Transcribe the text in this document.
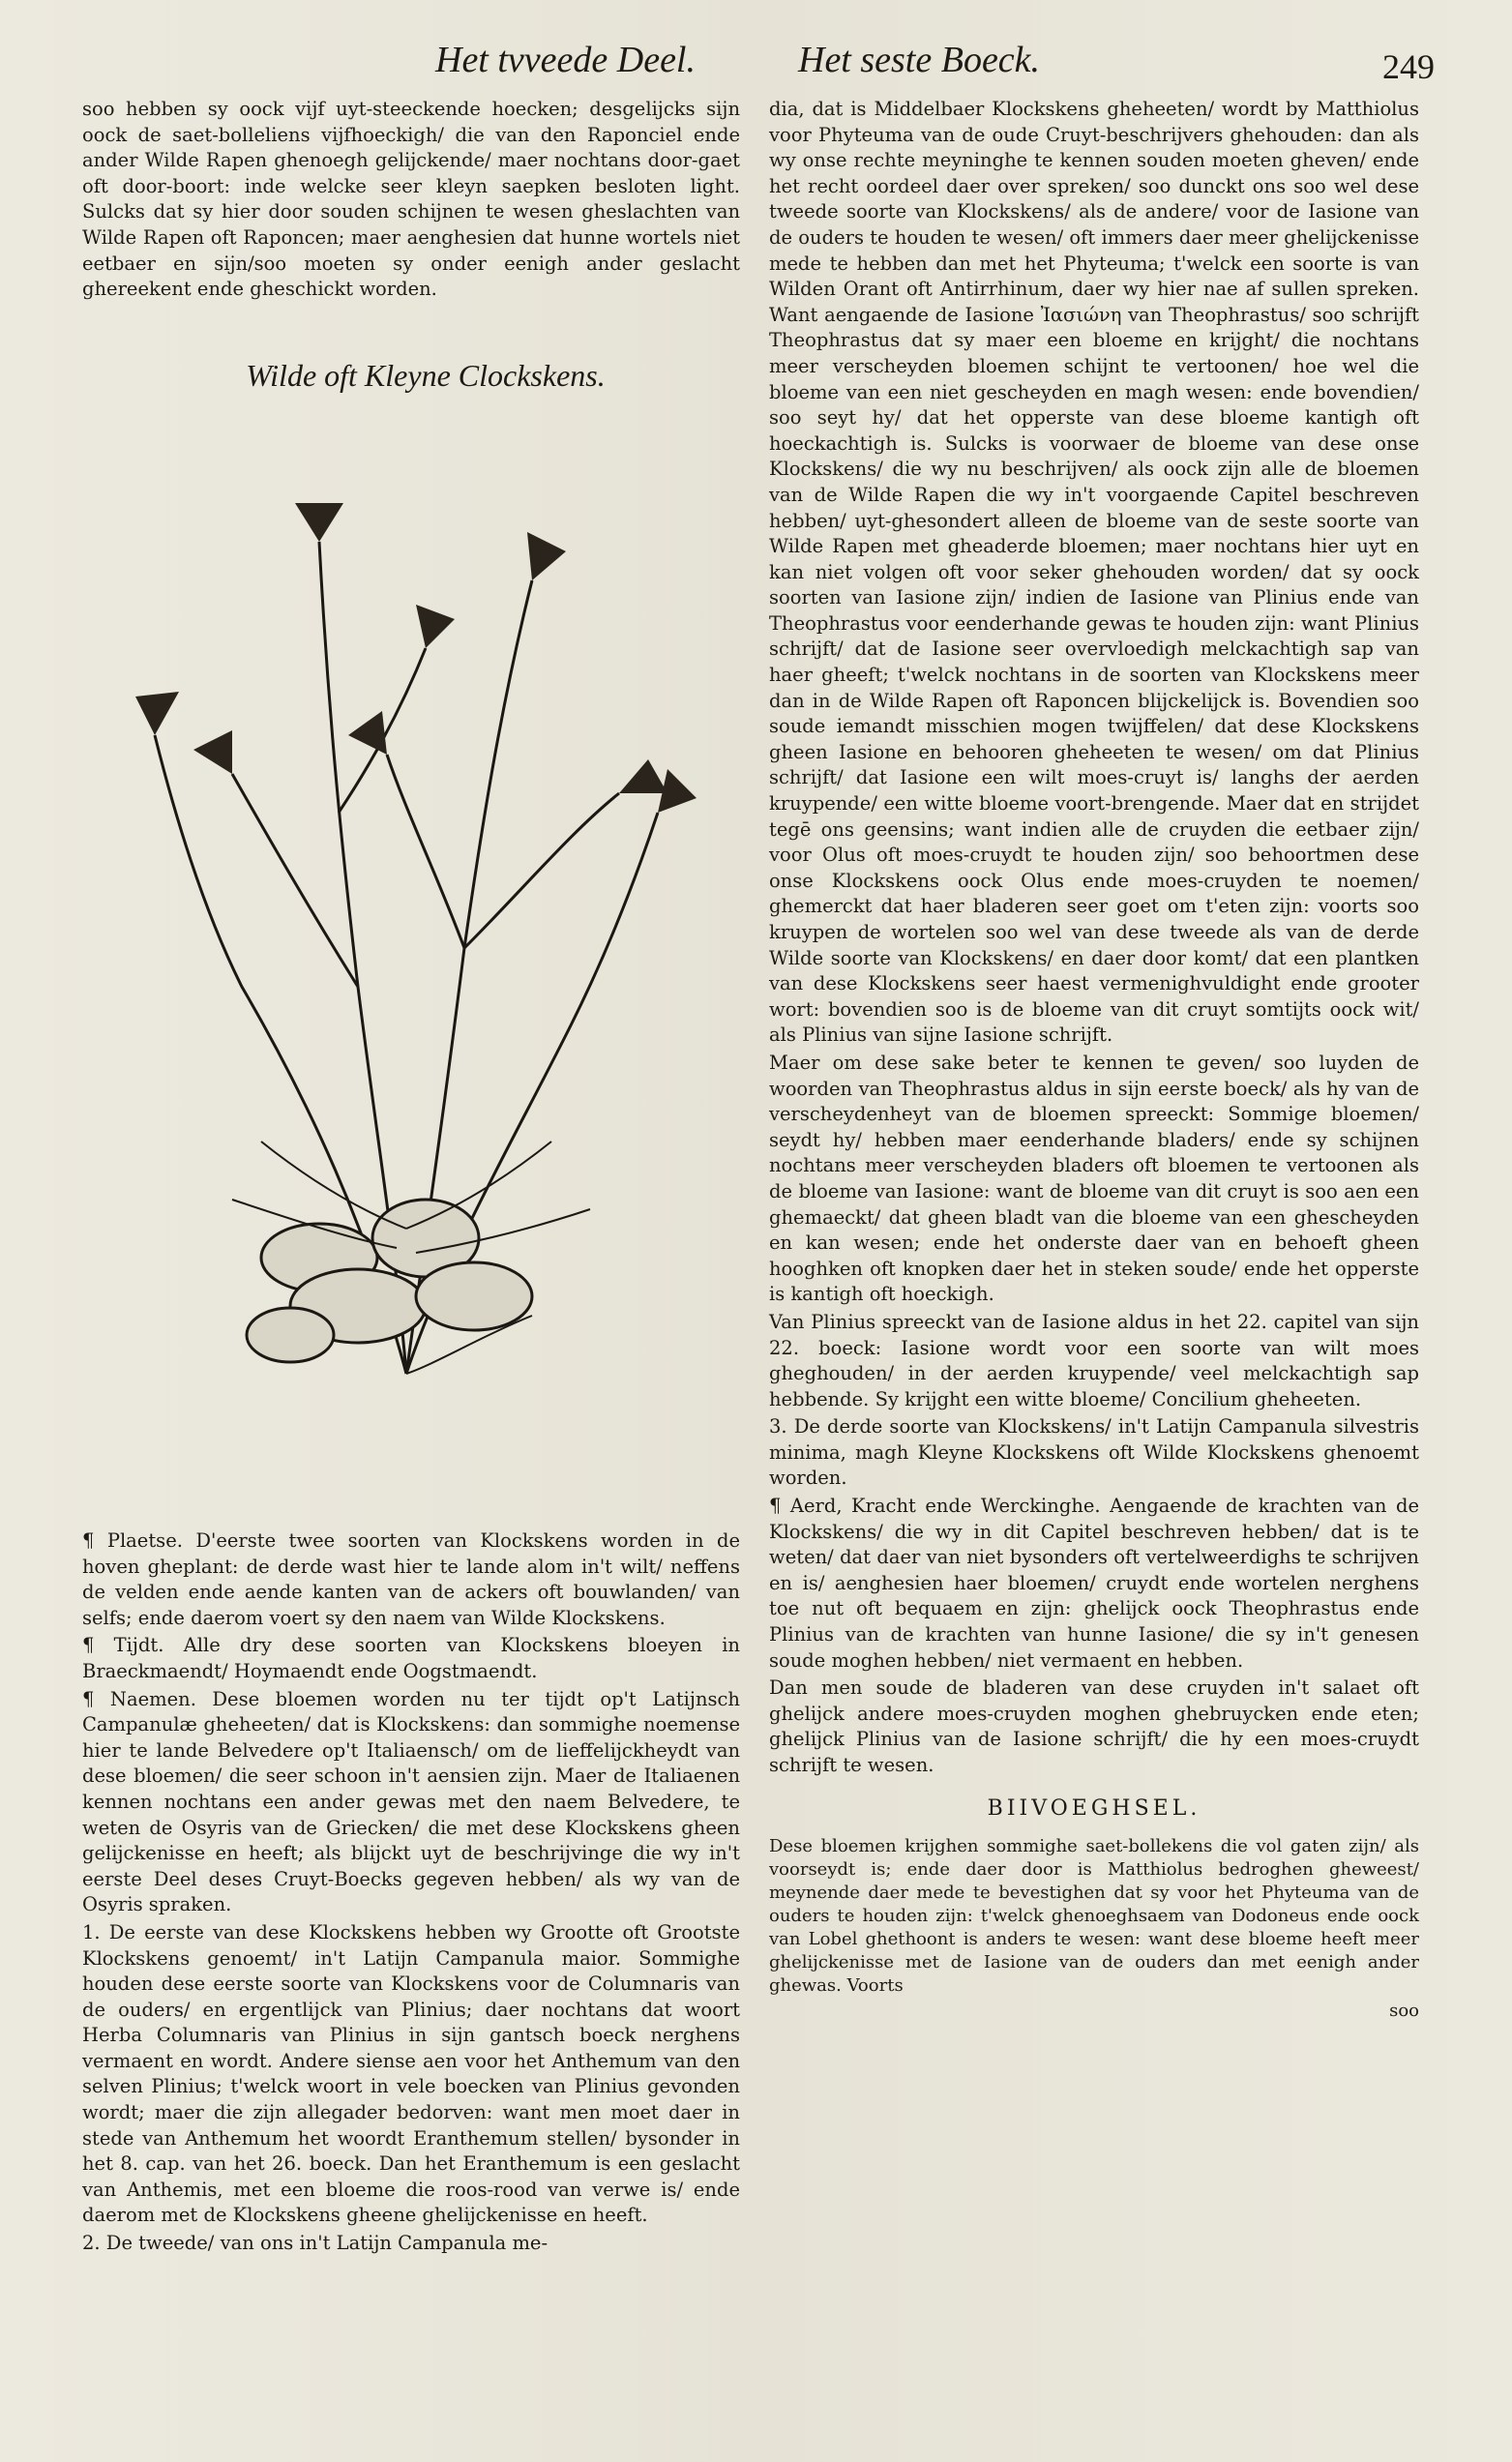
Het tvveede Deel.	Het seste Boeck.	249

soo hebben sy oock vijf uyt-steeckende hoecken; desgelijcks sijn oock de saet-bolleliens vijfhoeckigh/ die van den Raponciel ende ander Wilde Rapen ghenoegh gelijckende/ maer nochtans door-gaet oft door-boort: inde welcke seer kleyn saepken besloten light. Sulcks dat sy hier door souden schijnen te wesen gheslachten van Wilde Rapen oft Raponcen; maer aenghesien dat hunne wortels niet eetbaer en sijn/soo moeten sy onder eenigh ander geslacht ghereekent ende gheschickt worden.

Wilde oft Kleyne Clockskens.

¶ Plaetse. D'eerste twee soorten van Klockskens worden in de hoven gheplant: de derde wast hier te lande alom in't wilt/ neffens de velden ende aende kanten van de ackers oft bouwlanden/ van selfs; ende daerom voert sy den naem van Wilde Klockskens.

¶ Tijdt. Alle dry dese soorten van Klockskens bloeyen in Braeckmaendt/ Hoymaendt ende Oogstmaendt.

¶ Naemen. Dese bloemen worden nu ter tijdt op't Latijnsch Campanulæ gheheeten/ dat is Klockskens: dan sommighe noemense hier te lande Belvedere op't Italiaensch/ om de lieffelijckheydt van dese bloemen/ die seer schoon in't aensien zijn. Maer de Italiaenen kennen nochtans een ander gewas met den naem Belvedere, te weten de Osyris van de Griecken/ die met dese Klockskens gheen gelijckenisse en heeft; als blijckt uyt de beschrijvinge die wy in't eerste Deel deses Cruyt-Boecks gegeven hebben/ als wy van de Osyris spraken.

1. De eerste van dese Klockskens hebben wy Grootte oft Grootste Klockskens genoemt/ in't Latijn Campanula maior. Sommighe houden dese eerste soorte van Klockskens voor de Columnaris van de ouders/ en ergentlijck van Plinius; daer nochtans dat woort Herba Columnaris van Plinius in sijn gantsch boeck nerghens vermaent en wordt. Andere siense aen voor het Anthemum van den selven Plinius; t'welck woort in vele boecken van Plinius gevonden wordt; maer die zijn allegader bedorven: want men moet daer in stede van Anthemum het woordt Eranthemum stellen/ bysonder in het 8. cap. van het 26. boeck. Dan het Eranthemum is een geslacht van Anthemis, met een bloeme die roos-rood van verwe is/ ende daerom met de Klockskens gheene ghelijckenisse en heeft.

2. De tweede/ van ons in't Latijn Campanula me-

dia, dat is Middelbaer Klockskens gheheeten/ wordt by Matthiolus voor Phyteuma van de oude Cruyt-beschrijvers ghehouden: dan als wy onse rechte meyninghe te kennen souden moeten gheven/ ende het recht oordeel daer over spreken/ soo dunckt ons soo wel dese tweede soorte van Klockskens/ als de andere/ voor de Iasione van de ouders te houden te wesen/ oft immers daer meer ghelijckenisse mede te hebben dan met het Phyteuma; t'welck een soorte is van Wilden Orant oft Antirrhinum, daer wy hier nae af sullen spreken. Want aengaende de Iasione Ἰασιώνη van Theophrastus/ soo schrijft Theophrastus dat sy maer een bloeme en krijght/ die nochtans meer verscheyden bloemen schijnt te vertoonen/ hoe wel die bloeme van een niet gescheyden en magh wesen: ende bovendien/ soo seyt hy/ dat het opperste van dese bloeme kantigh oft hoeckachtigh is. Sulcks is voorwaer de bloeme van dese onse Klockskens/ die wy nu beschrijven/ als oock zijn alle de bloemen van de Wilde Rapen die wy in't voorgaende Capitel beschreven hebben/ uyt-ghesondert alleen de bloeme van de seste soorte van Wilde Rapen met gheaderde bloemen; maer nochtans hier uyt en kan niet volgen oft voor seker ghehouden worden/ dat sy oock soorten van Iasione zijn/ indien de Iasione van Plinius ende van Theophrastus voor eenderhande gewas te houden zijn: want Plinius schrijft/ dat de Iasione seer overvloedigh melckachtigh sap van haer gheeft; t'welck nochtans in de soorten van Klockskens meer dan in de Wilde Rapen oft Raponcen blijckelijck is. Bovendien soo soude iemandt misschien mogen twijffelen/ dat dese Klockskens gheen Iasione en behooren gheheeten te wesen/ om dat Plinius schrijft/ dat Iasione een wilt moes-cruyt is/ langhs der aerden kruypende/ een witte bloeme voort-brengende. Maer dat en strijdet tegē ons geensins; want indien alle de cruyden die eetbaer zijn/ voor Olus oft moes-cruydt te houden zijn/ soo behoortmen dese onse Klockskens oock Olus ende moes-cruyden te noemen/ ghemerckt dat haer bladeren seer goet om t'eten zijn: voorts soo kruypen de wortelen soo wel van dese tweede als van de derde Wilde soorte van Klockskens/ en daer door komt/ dat een plantken van dese Klockskens seer haest vermenighvuldight ende grooter wort: bovendien soo is de bloeme van dit cruyt somtijts oock wit/ als Plinius van sijne Iasione schrijft.

Maer om dese sake beter te kennen te geven/ soo luyden de woorden van Theophrastus aldus in sijn eerste boeck/ als hy van de verscheydenheyt van de bloemen spreeckt: Sommige bloemen/ seydt hy/ hebben maer eenderhande bladers/ ende sy schijnen nochtans meer verscheyden bladers oft bloemen te vertoonen als de bloeme van Iasione: want de bloeme van dit cruyt is soo aen een ghemaeckt/ dat gheen bladt van die bloeme van een ghescheyden en kan wesen; ende het onderste daer van en behoeft gheen hooghken oft knopken daer het in steken soude/ ende het opperste is kantigh oft hoeckigh.

Van Plinius spreeckt van de Iasione aldus in het 22. capitel van sijn 22. boeck: Iasione wordt voor een soorte van wilt moes gheghouden/ in der aerden kruypende/ veel melckachtigh sap hebbende. Sy krijght een witte bloeme/ Concilium gheheeten.

3. De derde soorte van Klockskens/ in't Latijn Campanula silvestris minima, magh Kleyne Klockskens oft Wilde Klockskens ghenoemt worden.

¶ Aerd, Kracht ende Werckinghe. Aengaende de krachten van de Klockskens/ die wy in dit Capitel beschreven hebben/ dat is te weten/ dat daer van niet bysonders oft vertelweerdighs te schrijven en is/ aenghesien haer bloemen/ cruydt ende wortelen nerghens toe nut oft bequaem en zijn: ghelijck oock Theophrastus ende Plinius van de krachten van hunne Iasione/ die sy in't genesen soude moghen hebben/ niet vermaent en hebben.

Dan men soude de bladeren van dese cruyden in't salaet oft ghelijck andere moes-cruyden moghen ghebruycken ende eten; ghelijck Plinius van de Iasione schrijft/ die hy een moes-cruydt schrijft te wesen.

BIIVOEGHSEL.

Dese bloemen krijghen sommighe saet-bollekens die vol gaten zijn/ als voorseydt is; ende daer door is Matthiolus bedroghen gheweest/ meynende daer mede te bevestighen dat sy voor het Phyteuma van de ouders te houden zijn: t'welck ghenoeghsaem van Dodoneus ende oock van Lobel ghethoont is anders te wesen: want dese bloeme heeft meer ghelijckenisse met de Iasione van de ouders dan met eenigh ander ghewas. Voorts

soo
